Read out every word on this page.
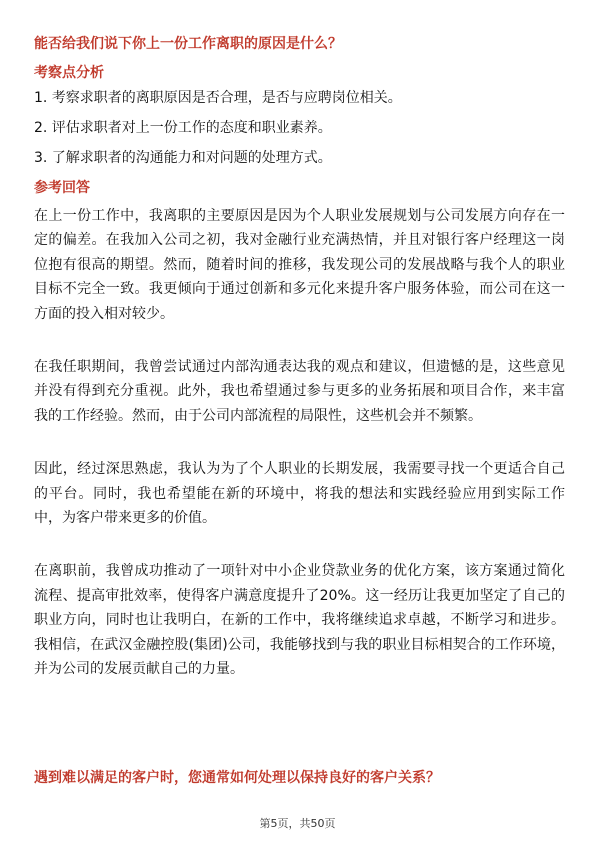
能否给我们说下你上一份工作离职的原因是什么？
考察点分析
1. 考察求职者的离职原因是否合理，是否与应聘岗位相关。
2. 评估求职者对上一份工作的态度和职业素养。
3. 了解求职者的沟通能力和对问题的处理方式。
参考回答

在上一份工作中，我离职的主要原因是因为个人职业发展规划与公司发展方向存在一定的偏差。在我加入公司之初，我对金融行业充满热情，并且对银行客户经理这一岗位抱有很高的期望。然而，随着时间的推移，我发现公司的发展战略与我个人的职业目标不完全一致。我更倾向于通过创新和多元化来提升客户服务体验，而公司在这一方面的投入相对较少。

在我任职期间，我曾尝试通过内部沟通表达我的观点和建议，但遗憾的是，这些意见并没有得到充分重视。此外，我也希望通过参与更多的业务拓展和项目合作，来丰富我的工作经验。然而，由于公司内部流程的局限性，这些机会并不频繁。

因此，经过深思熟虑，我认为为了个人职业的长期发展，我需要寻找一个更适合自己的平台。同时，我也希望能在新的环境中，将我的想法和实践经验应用到实际工作中，为客户带来更多的价值。

在离职前，我曾成功推动了一项针对中小企业贷款业务的优化方案，该方案通过简化流程、提高审批效率，使得客户满意度提升了20%。这一经历让我更加坚定了自己的职业方向，同时也让我明白，在新的工作中，我将继续追求卓越，不断学习和进步。我相信，在武汉金融控股(集团)公司，我能够找到与我的职业目标相契合的工作环境，并为公司的发展贡献自己的力量。

遇到难以满足的客户时，您通常如何处理以保持良好的客户关系？
第5页，共50页
